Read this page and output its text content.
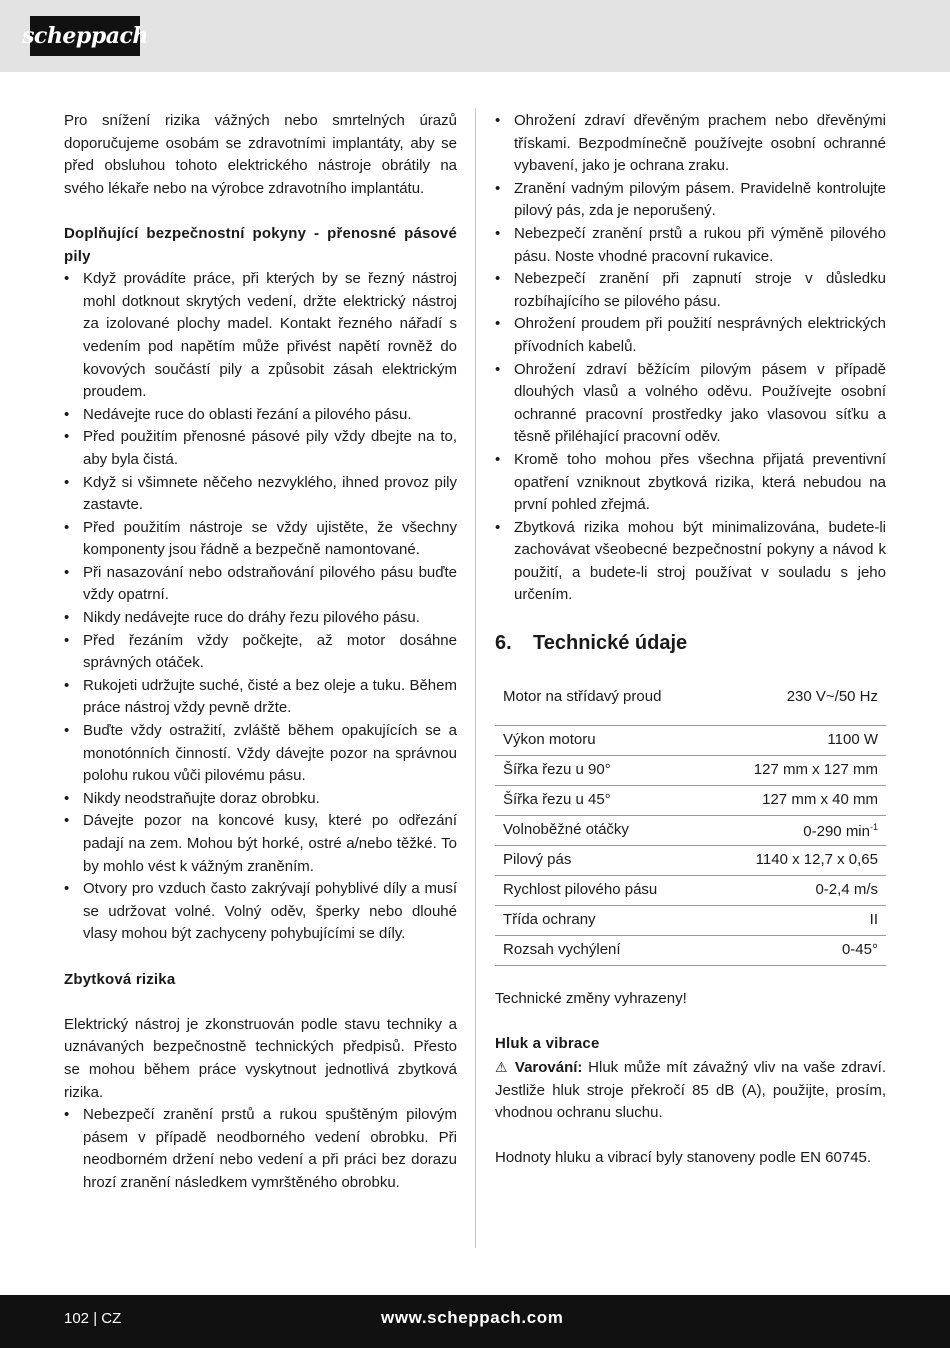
scheppach

Pro snížení rizika vážných nebo smrtelných úrazů doporučujeme osobám se zdravotními implantáty, aby se před obsluhou tohoto elektrického nástroje obrátily na svého lékaře nebo na výrobce zdravotního implantátu.

Doplňující bezpečnostní pokyny - přenosné pásové pily

• Když provádíte práce, při kterých by se řezný nástroj mohl dotknout skrytých vedení, držte elektrický nástroj za izolované plochy madel. Kontakt řezného nářadí s vedením pod napětím může přivést napětí rovněž do kovových součástí pily a způsobit zásah elektrickým proudem.
• Nedávejte ruce do oblasti řezání a pilového pásu.
• Před použitím přenosné pásové pily vždy dbejte na to, aby byla čistá.
• Když si všimnete něčeho nezvyklého, ihned provoz pily zastavte.
• Před použitím nástroje se vždy ujistěte, že všechny komponenty jsou řádně a bezpečně namontované.
• Při nasazování nebo odstraňování pilového pásu buďte vždy opatrní.
• Nikdy nedávejte ruce do dráhy řezu pilového pásu.
• Před řezáním vždy počkejte, až motor dosáhne správných otáček.
• Rukojeti udržujte suché, čisté a bez oleje a tuku. Během práce nástroj vždy pevně držte.
• Buďte vždy ostražití, zvláště během opakujících se a monotónních činností. Vždy dávejte pozor na správnou polohu rukou vůči pilovému pásu.
• Nikdy neodstraňujte doraz obrobku.
• Dávejte pozor na koncové kusy, které po odřezání padají na zem. Mohou být horké, ostré a/nebo těžké. To by mohlo vést k vážným zraněním.
• Otvory pro vzduch často zakrývají pohyblivé díly a musí se udržovat volné. Volný oděv, šperky nebo dlouhé vlasy mohou být zachyceny pohybujícími se díly.

Zbytková rizika

Elektrický nástroj je zkonstruován podle stavu techniky a uznávaných bezpečnostně technických předpisů. Přesto se mohou během práce vyskytnout jednotlivá zbytková rizika.

• Nebezpečí zranění prstů a rukou spuštěným pilovým pásem v případě neodborného vedení obrobku. Při neodborném držení nebo vedení a při práci bez dorazu hrozí zranění následkem vymrštěného obrobku.
• Ohrožení zdraví dřevěným prachem nebo dřevěnými třískami. Bezpodmínečně používejte osobní ochranné vybavení, jako je ochrana zraku.
• Zranění vadným pilovým pásem. Pravidelně kontrolujte pilový pás, zda je neporušený.
• Nebezpečí zranění prstů a rukou při výměně pilového pásu. Noste vhodné pracovní rukavice.
• Nebezpečí zranění při zapnutí stroje v důsledku rozbíhajícího se pilového pásu.
• Ohrožení proudem při použití nesprávných elektrických přívodních kabelů.
• Ohrožení zdraví běžícím pilovým pásem v případě dlouhých vlasů a volného oděvu. Používejte osobní ochranné pracovní prostředky jako vlasovou síťku a těsně přiléhající pracovní oděv.
• Kromě toho mohou přes všechna přijatá preventivní opatření vzniknout zbytková rizika, která nebudou na první pohled zřejmá.
• Zbytková rizika mohou být minimalizována, budete-li zachovávat všeobecné bezpečnostní pokyny a návod k použití, a budete-li stroj používat v souladu s jeho určením.
6. Technické údaje
Motor na střídavý proud	230 V~/50 Hz

Výkon motoru	1100 W
Šířka řezu u 90°	127 mm x 127 mm
Šířka řezu u 45°	127 mm x 40 mm
Volnoběžné otáčky	0-290 $\min^{-1}$
Pilový pás	1140 x 12,7 x 0,65
Rychlost pilového pásu	0-2,4 m/s
Třída ochrany	II
Rozsah vychýlení	0-45°

Technické změny vyhrazeny!

Hluk a vibrace

⚠ Varování: Hluk může mít závažný vliv na vaše zdraví. Jestliže hluk stroje překročí 85 dB (A), použijte, prosím, vhodnou ochranu sluchu.

Hodnoty hluku a vibrací byly stanoveny podle EN 60745.

102 | CZ	www.scheppach.com
